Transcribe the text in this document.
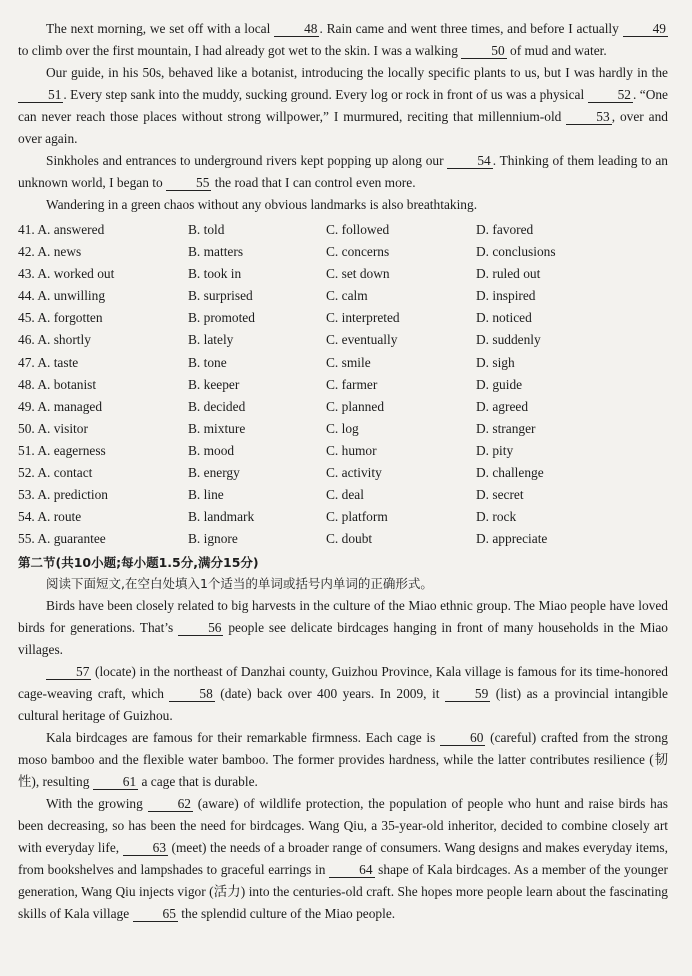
The next morning, we set off with a local 48 . Rain came and went three times, and before I actually 49 to climb over the first mountain, I had already got wet to the skin. I was a walking 50 of mud and water.

Our guide, in his 50s, behaved like a botanist, introducing the locally specific plants to us, but I was hardly in the 51 . Every step sank into the muddy, sucking ground. Every log or rock in front of us was a physical 52 . “One can never reach those places without strong willpower,” I murmured, reciting that millennium-old 53 , over and over again.

Sinkholes and entrances to underground rivers kept popping up along our 54 . Thinking of them leading to an unknown world, I began to 55 the road that I can control even more.

Wandering in a green chaos without any obvious landmarks is also breathtaking.

41. A. answered	B. told	C. followed	D. favored
42. A. news	B. matters	C. concerns	D. conclusions
43. A. worked out	B. took in	C. set down	D. ruled out
44. A. unwilling	B. surprised	C. calm	D. inspired
45. A. forgotten	B. promoted	C. interpreted	D. noticed
46. A. shortly	B. lately	C. eventually	D. suddenly
47. A. taste	B. tone	C. smile	D. sigh
48. A. botanist	B. keeper	C. farmer	D. guide
49. A. managed	B. decided	C. planned	D. agreed
50. A. visitor	B. mixture	C. log	D. stranger
51. A. eagerness	B. mood	C. humor	D. pity
52. A. contact	B. energy	C. activity	D. challenge
53. A. prediction	B. line	C. deal	D. secret
54. A. route	B. landmark	C. platform	D. rock
55. A. guarantee	B. ignore	C. doubt	D. appreciate
第二节(共10小题;每小题1.5分,满分15分)
阅读下面短文,在空白处填入1个适当的单词或括号内单词的正确形式。

Birds have been closely related to big harvests in the culture of the Miao ethnic group. The Miao people have loved birds for generations. That’s 56 people see delicate birdcages hanging in front of many households in the Miao villages.

57 (locate) in the northeast of Danzhai county, Guizhou Province, Kala village is famous for its time-honored cage-weaving craft, which 58 (date) back over 400 years. In 2009, it 59 (list) as a provincial intangible cultural heritage of Guizhou.

Kala birdcages are famous for their remarkable firmness. Each cage is 60 (careful) crafted from the strong moso bamboo and the flexible water bamboo. The former provides hardness, while the latter contributes resilience (韧性), resulting 61 a cage that is durable.

With the growing 62 (aware) of wildlife protection, the population of people who hunt and raise birds has been decreasing, so has been the need for birdcages. Wang Qiu, a 35-year-old inheritor, decided to combine closely art with everyday life, 63 (meet) the needs of a broader range of consumers. Wang designs and makes everyday items, from bookshelves and lampshades to graceful earrings in 64 shape of Kala birdcages. As a member of the younger generation, Wang Qiu injects vigor (活力) into the centuries-old craft. She hopes more people learn about the fascinating skills of Kala village 65 the splendid culture of the Miao people.
